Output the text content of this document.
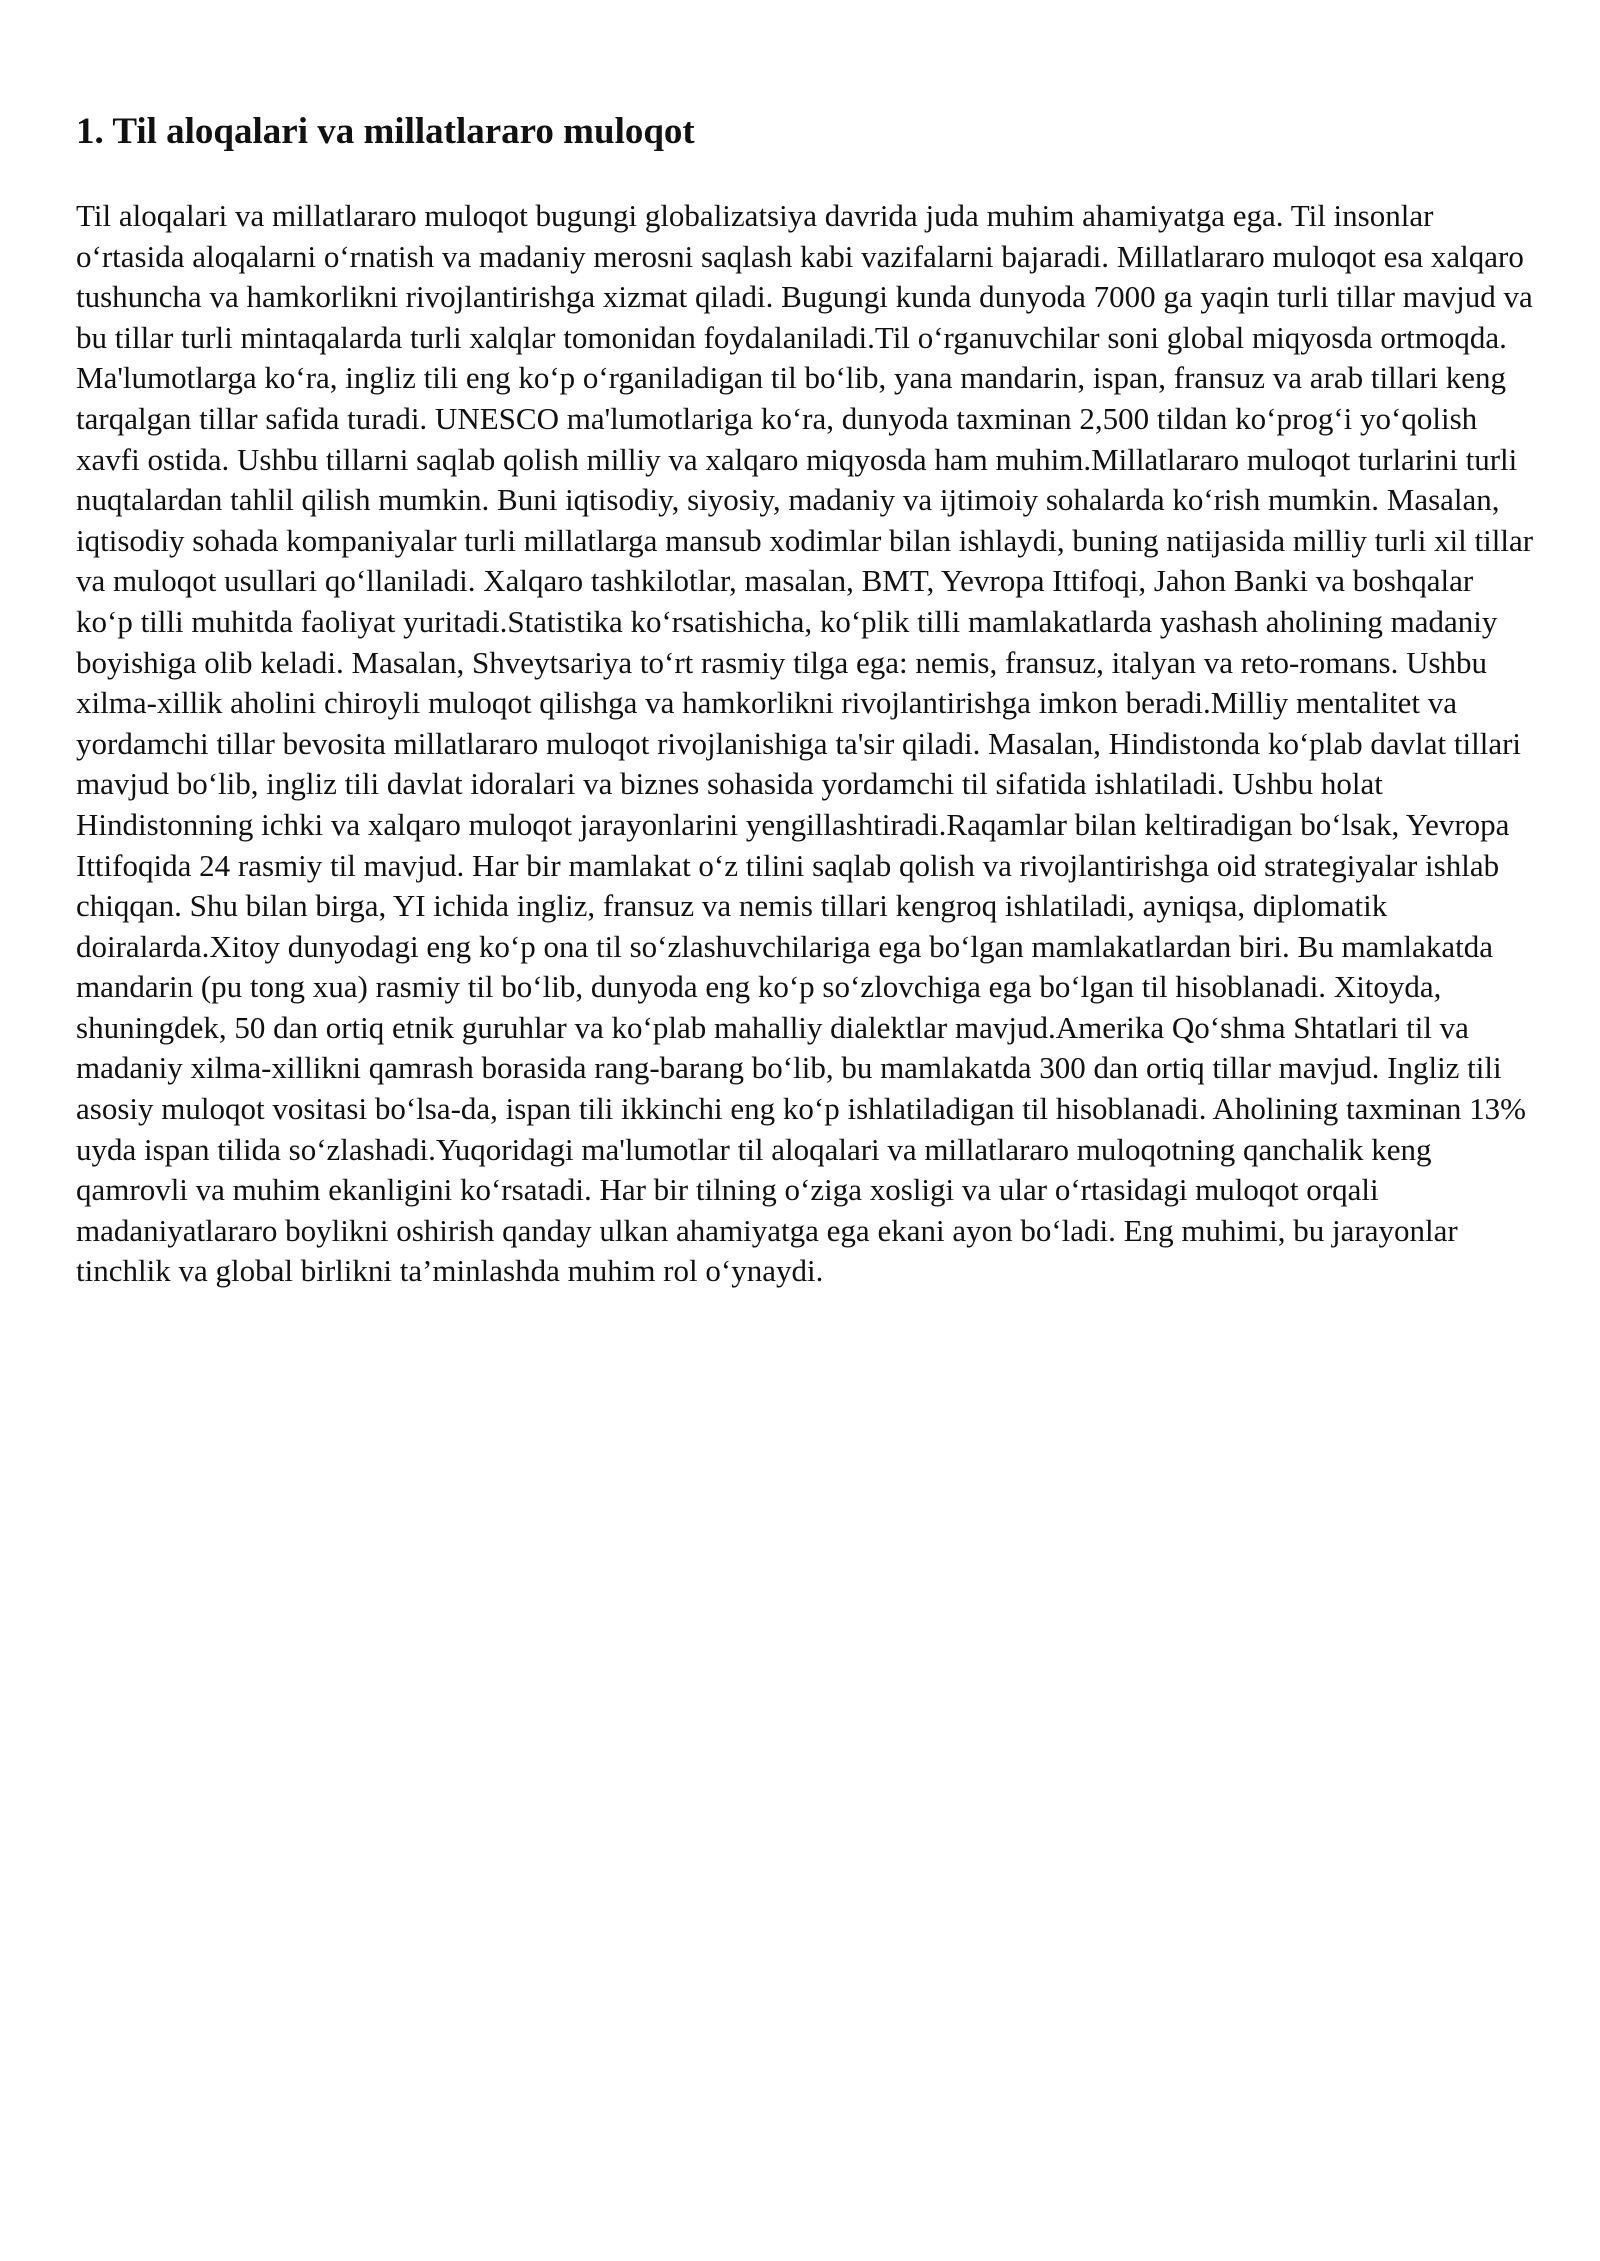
1. Til aloqalari va millatlararo muloqot

Til aloqalari va millatlararo muloqot bugungi globalizatsiya davrida juda muhim ahamiyatga ega. Til insonlar o‘rtasida aloqalarni o‘rnatish va madaniy merosni saqlash kabi vazifalarni bajaradi. Millatlararo muloqot esa xalqaro tushuncha va hamkorlikni rivojlantirishga xizmat qiladi. Bugungi kunda dunyoda 7000 ga yaqin turli tillar mavjud va bu tillar turli mintaqalarda turli xalqlar tomonidan foydalaniladi.Til o‘rganuvchilar soni global miqyosda ortmoqda. Ma'lumotlarga ko‘ra, ingliz tili eng ko‘p o‘rganiladigan til bo‘lib, yana mandarin, ispan, fransuz va arab tillari keng tarqalgan tillar safida turadi. UNESCO ma'lumotlariga ko‘ra, dunyoda taxminan 2,500 tildan ko‘prog‘i yo‘qolish xavfi ostida. Ushbu tillarni saqlab qolish milliy va xalqaro miqyosda ham muhim.Millatlararo muloqot turlarini turli nuqtalardan tahlil qilish mumkin. Buni iqtisodiy, siyosiy, madaniy va ijtimoiy sohalarda ko‘rish mumkin. Masalan, iqtisodiy sohada kompaniyalar turli millatlarga mansub xodimlar bilan ishlaydi, buning natijasida milliy turli xil tillar va muloqot usullari qo‘llaniladi. Xalqaro tashkilotlar, masalan, BMT, Yevropa Ittifoqi, Jahon Banki va boshqalar ko‘p tilli muhitda faoliyat yuritadi.Statistika ko‘rsatishicha, ko‘plik tilli mamlakatlarda yashash aholining madaniy boyishiga olib keladi. Masalan, Shveytsariya to‘rt rasmiy tilga ega: nemis, fransuz, italyan va reto-romans. Ushbu xilma-xillik aholini chiroyli muloqot qilishga va hamkorlikni rivojlantirishga imkon beradi.Milliy mentalitet va yordamchi tillar bevosita millatlararo muloqot rivojlanishiga ta'sir qiladi. Masalan, Hindistonda ko‘plab davlat tillari mavjud bo‘lib, ingliz tili davlat idoralari va biznes sohasida yordamchi til sifatida ishlatiladi. Ushbu holat Hindistonning ichki va xalqaro muloqot jarayonlarini yengillashtiradi.Raqamlar bilan keltiradigan bo‘lsak, Yevropa Ittifoqida 24 rasmiy til mavjud. Har bir mamlakat o‘z tilini saqlab qolish va rivojlantirishga oid strategiyalar ishlab chiqqan. Shu bilan birga, YI ichida ingliz, fransuz va nemis tillari kengroq ishlatiladi, ayniqsa, diplomatik doiralarda.Xitoy dunyodagi eng ko‘p ona til so‘zlashuvchilariga ega bo‘lgan mamlakatlardan biri. Bu mamlakatda mandarin (pu tong xua) rasmiy til bo‘lib, dunyoda eng ko‘p so‘zlovchiga ega bo‘lgan til hisoblanadi. Xitoyda, shuningdek, 50 dan ortiq etnik guruhlar va ko‘plab mahalliy dialektlar mavjud.Amerika Qo‘shma Shtatlari til va madaniy xilma-xillikni qamrash borasida rang-barang bo‘lib, bu mamlakatda 300 dan ortiq tillar mavjud. Ingliz tili asosiy muloqot vositasi bo‘lsa-da, ispan tili ikkinchi eng ko‘p ishlatiladigan til hisoblanadi. Aholining taxminan 13% uyda ispan tilida so‘zlashadi.Yuqoridagi ma'lumotlar til aloqalari va millatlararo muloqotning qanchalik keng qamrovli va muhim ekanligini ko‘rsatadi. Har bir tilning o‘ziga xosligi va ular o‘rtasidagi muloqot orqali madaniyatlararo boylikni oshirish qanday ulkan ahamiyatga ega ekani ayon bo‘ladi. Eng muhimi, bu jarayonlar tinchlik va global birlikni ta’minlashda muhim rol o‘ynaydi.
